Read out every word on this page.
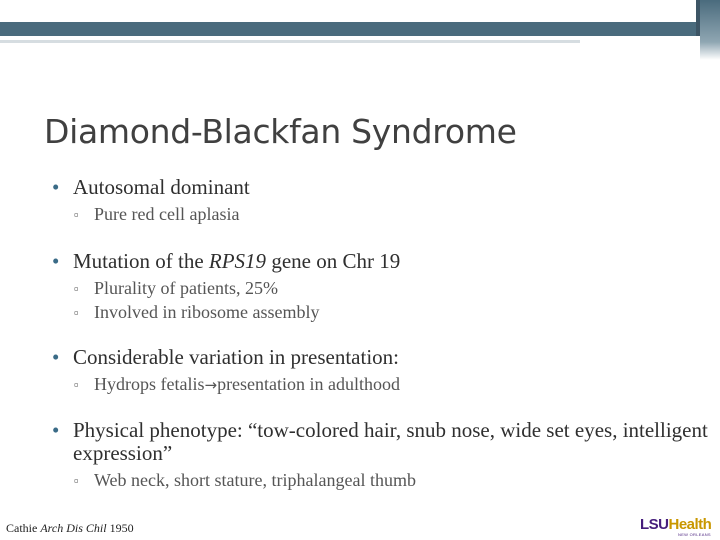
Diamond-Blackfan Syndrome
• Autosomal dominant
▫ Pure red cell aplasia
• Mutation of the RPS19 gene on Chr 19
▫ Plurality of patients, 25%
▫ Involved in ribosome assembly
• Considerable variation in presentation:
▫ Hydrops fetalis→presentation in adulthood
• Physical phenotype: “tow-colored hair, snub nose, wide set eyes, intelligent expression”
▫ Web neck, short stature, triphalangeal thumb
Cathie Arch Dis Chil 1950	LSUHealth
NEW ORLEANS
